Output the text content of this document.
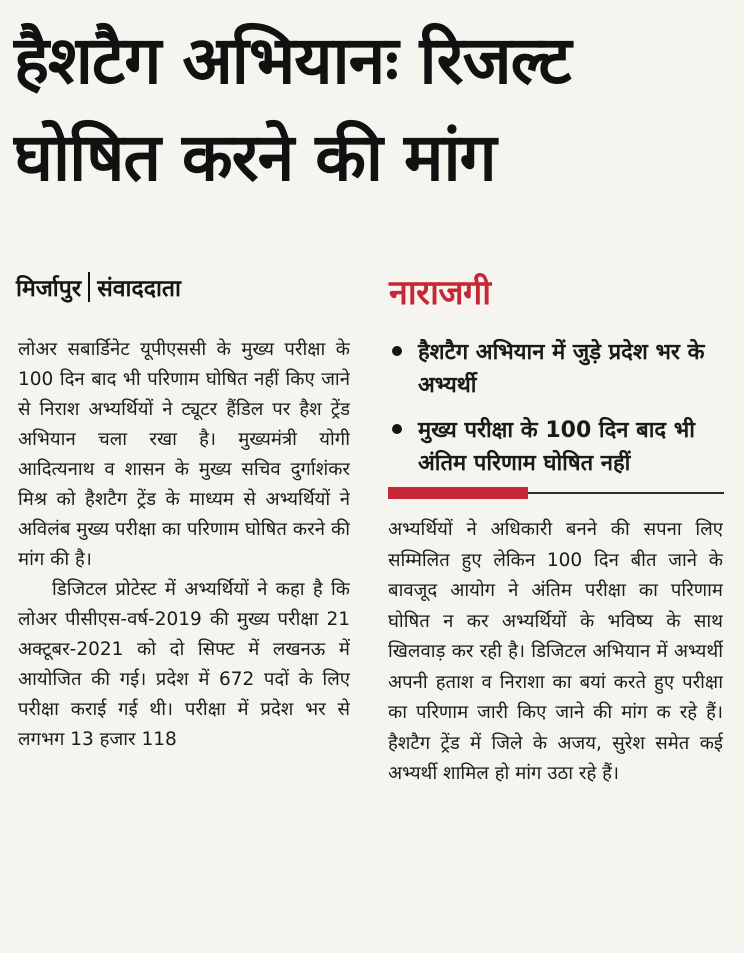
हैशटैग अभियानः रिजल्ट घोषित करने की मांग
मिर्जापुर संवाददाता

लोअर सबार्डिनेट यूपीएससी के मुख्य परीक्षा के 100 दिन बाद भी परिणाम घोषित नहीं किए जाने से निराश अभ्यर्थियों ने ट्यूटर हैंडिल पर हैश ट्रेंड अभियान चला रखा है। मुख्यमंत्री योगी आदित्यनाथ व शासन के मुख्य सचिव दुर्गाशंकर मिश्र को हैशटैग ट्रेंड के माध्यम से अभ्यर्थियों ने अविलंब मुख्य परीक्षा का परिणाम घोषित करने की मांग की है।

डिजिटल प्रोटेस्ट में अभ्यर्थियों ने कहा है कि लोअर पीसीएस-वर्ष-2019 की मुख्य परीक्षा 21 अक्टूबर-2021 को दो सिफ्ट में लखनऊ में आयोजित की गई। प्रदेश में 672 पदों के लिए परीक्षा कराई गई थी। परीक्षा में प्रदेश भर से लगभग 13 हजार 118

नाराजगी
हैशटैग अभियान में जुड़े प्रदेश भर के अभ्यर्थी
मुख्य परीक्षा के 100 दिन बाद भी अंतिम परिणाम घोषित नहीं

अभ्यर्थियों ने अधिकारी बनने की सपना लिए सम्मिलित हुए लेकिन 100 दिन बीत जाने के बावजूद आयोग ने अंतिम परीक्षा का परिणाम घोषित न कर अभ्यर्थियों के भविष्य के साथ खिलवाड़ कर रही है। डिजिटल अभियान में अभ्यर्थी अपनी हताश व निराशा का बयां करते हुए परीक्षा का परिणाम जारी किए जाने की मांग क रहे हैं। हैशटैग ट्रेंड में जिले के अजय, सुरेश समेत कई अभ्यर्थी शामिल हो मांग उठा रहे हैं।
